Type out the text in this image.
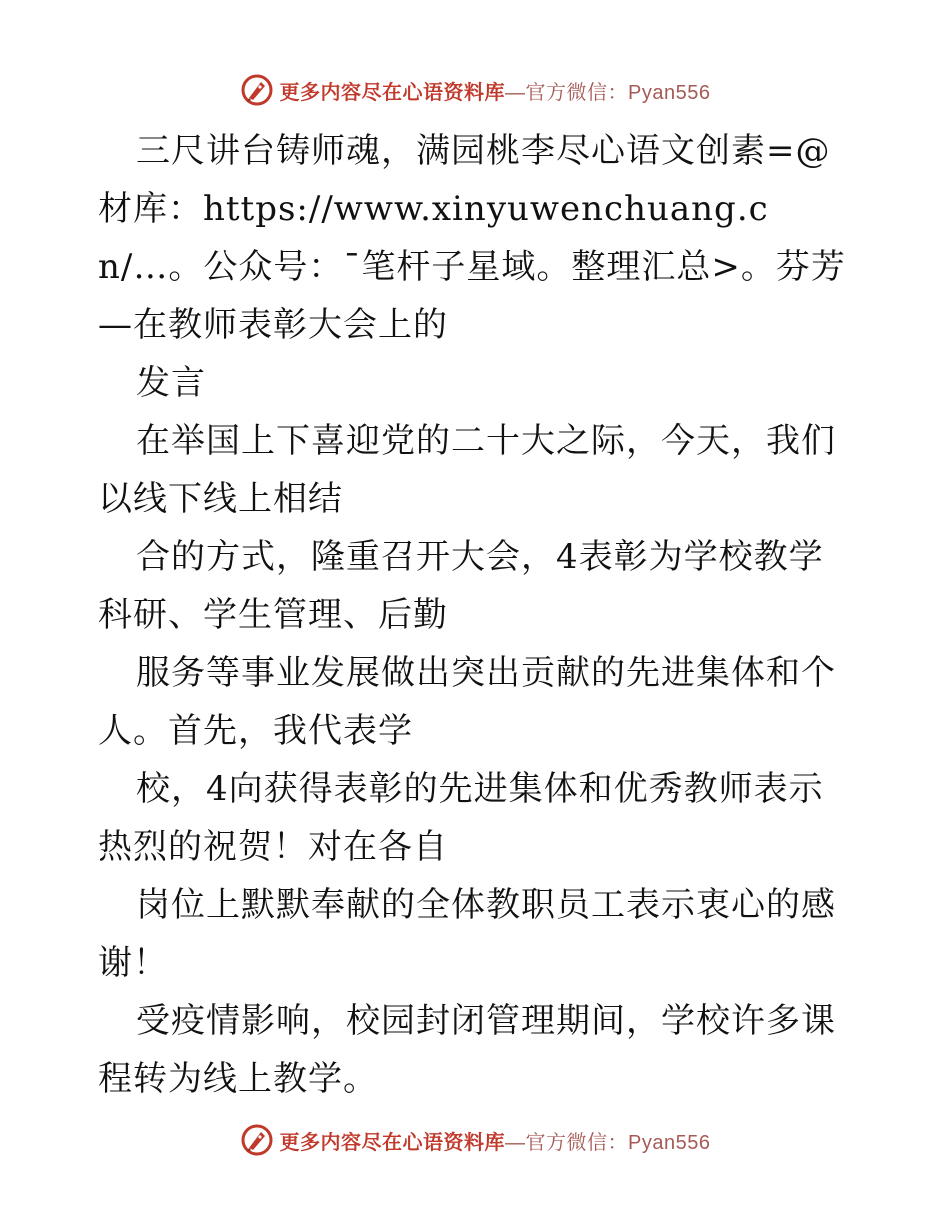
更多内容尽在心语资料库 —官方微信：Pyan556

三尺讲台铸师魂，满园桃李尽心语文创素=@材库：https://www.xinyuwenchuang.cn/…。公众号：¯笔杆子星域。整理汇总>。芬芳—在教师表彰大会上的

发言

在举国上下喜迎党的二十大之际，今天，我们以线下线上相结

合的方式，隆重召开大会，4表彰为学校教学科研、学生管理、后勤

服务等事业发展做出突出贡献的先进集体和个人。首先，我代表学

校，4向获得表彰的先进集体和优秀教师表示热烈的祝贺！对在各自

岗位上默默奉献的全体教职员工表示衷心的感谢！

受疫情影响，校园封闭管理期间，学校许多课程转为线上教学。

更多内容尽在心语资料库 —官方微信：Pyan556
